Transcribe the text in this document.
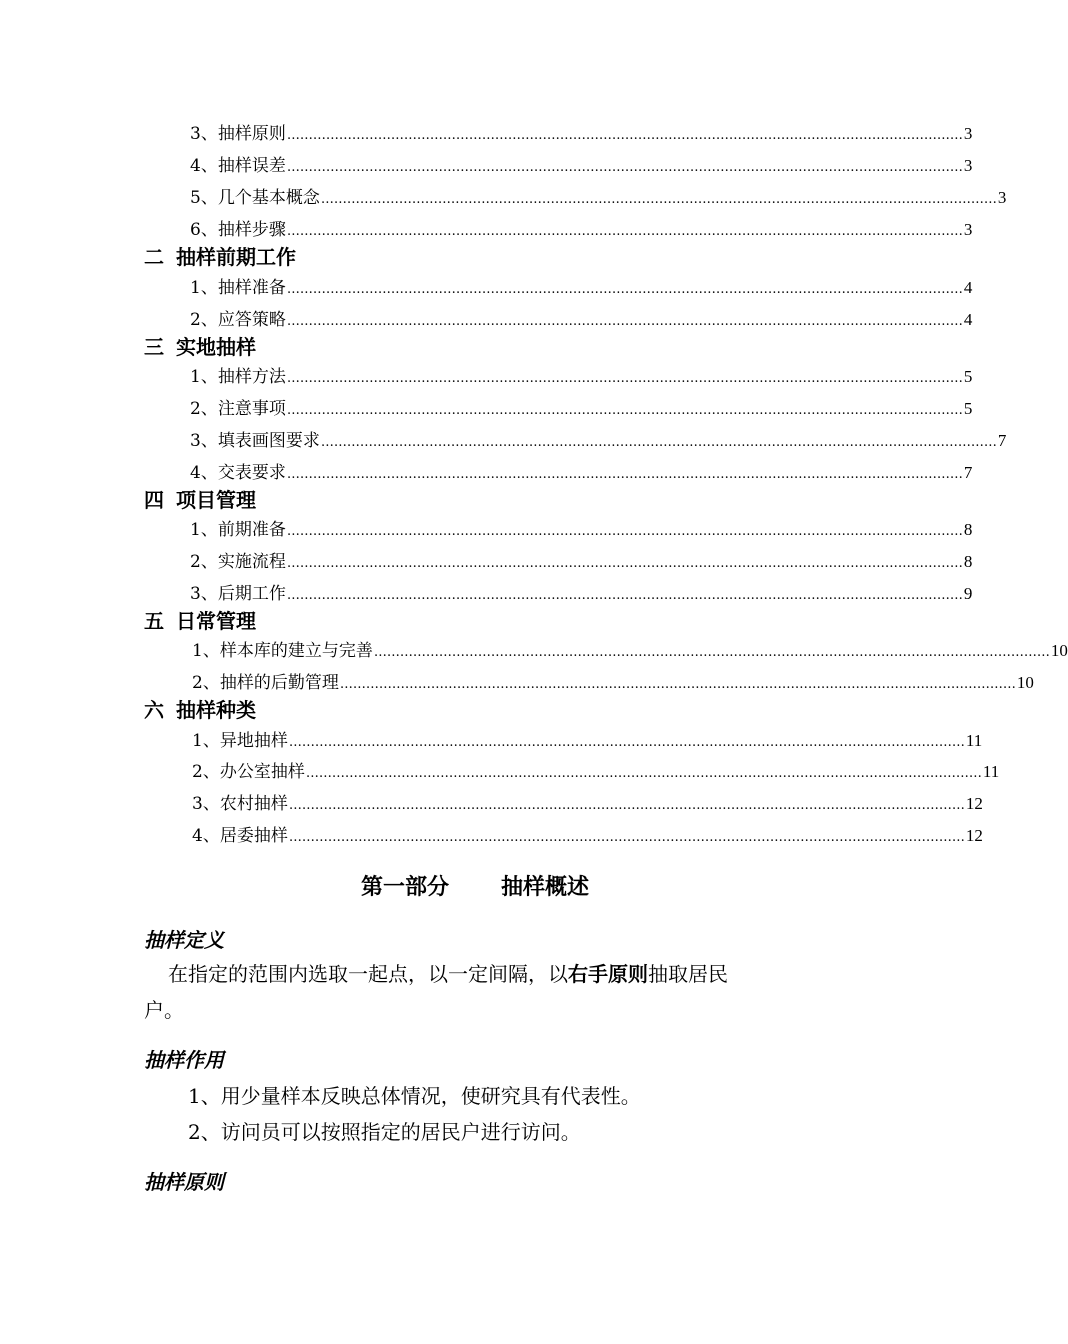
3、 抽样原则 ………………………………………………………………………………………………………………………………………… 3
4、 抽样误差 ………………………………………………………………………………………………………………………………………… 3
5、 几个基本概念 ………………………………………………………………………………………………………………………………………… 3
6、 抽样步骤 ………………………………………………………………………………………………………………………………………… 3
二 抽样前期工作
1、 抽样准备 ………………………………………………………………………………………………………………………………………… 4
2、 应答策略 ………………………………………………………………………………………………………………………………………… 4
三 实地抽样
1、 抽样方法 ………………………………………………………………………………………………………………………………………… 5
2、 注意事项 ………………………………………………………………………………………………………………………………………… 5
3、 填表画图要求 ………………………………………………………………………………………………………………………………………… 7
4、 交表要求 ………………………………………………………………………………………………………………………………………… 7
四 项目管理
1、 前期准备 ………………………………………………………………………………………………………………………………………… 8
2、 实施流程 ………………………………………………………………………………………………………………………………………… 8
3、 后期工作 ………………………………………………………………………………………………………………………………………… 9
五 日常管理
1、 样本库的建立与完善 ………………………………………………………………………………………………………………………………………… 10
2、 抽样的后勤管理 ………………………………………………………………………………………………………………………………………… 10
六 抽样种类
1、 异地抽样 ………………………………………………………………………………………………………………………………………… 11
2、 办公室抽样 ………………………………………………………………………………………………………………………………………… 11
3、 农村抽样 ………………………………………………………………………………………………………………………………………… 12
4、 居委抽样 ………………………………………………………………………………………………………………………………………… 12
第一部分 抽样概述
抽样定义
在指定的范围内选取一起点，以一定间隔，以右手原则抽取居民
户。
抽样作用
1、用少量样本反映总体情况，使研究具有代表性。
2、访问员可以按照指定的居民户进行访问。
抽样原则
